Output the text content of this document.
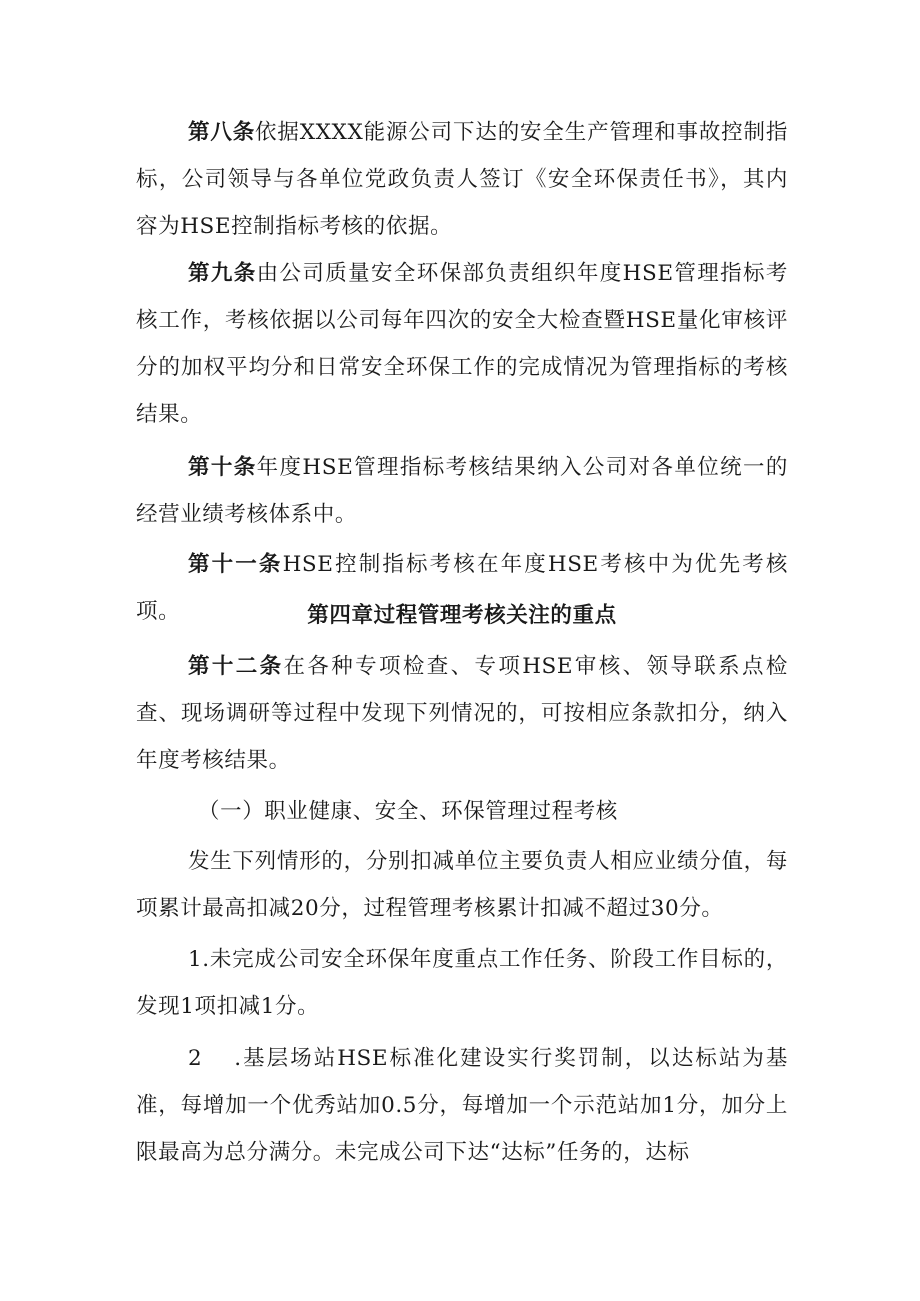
第八条依据XXXX能源公司下达的安全生产管理和事故控制指标，公司领导与各单位党政负责人签订《安全环保责任书》，其内容为HSE控制指标考核的依据。

第九条由公司质量安全环保部负责组织年度HSE管理指标考核工作，考核依据以公司每年四次的安全大检查暨HSE量化审核评分的加权平均分和日常安全环保工作的完成情况为管理指标的考核结果。

第十条年度HSE管理指标考核结果纳入公司对各单位统一的经营业绩考核体系中。

第十一条HSE控制指标考核在年度HSE考核中为优先考核项。	第四章过程管理考核关注的重点

第十二条在各种专项检查、专项HSE审核、领导联系点检查、现场调研等过程中发现下列情况的，可按相应条款扣分，纳入年度考核结果。

（一）职业健康、安全、环保管理过程考核

发生下列情形的，分别扣减单位主要负责人相应业绩分值，每项累计最高扣减20分，过程管理考核累计扣减不超过30分。

1.未完成公司安全环保年度重点工作任务、阶段工作目标的，发现1项扣减1分。

2 .基层场站HSE标准化建设实行奖罚制，以达标站为基准，每增加一个优秀站加0.5分，每增加一个示范站加1分，加分上限最高为总分满分。未完成公司下达“达标”任务的，达标
